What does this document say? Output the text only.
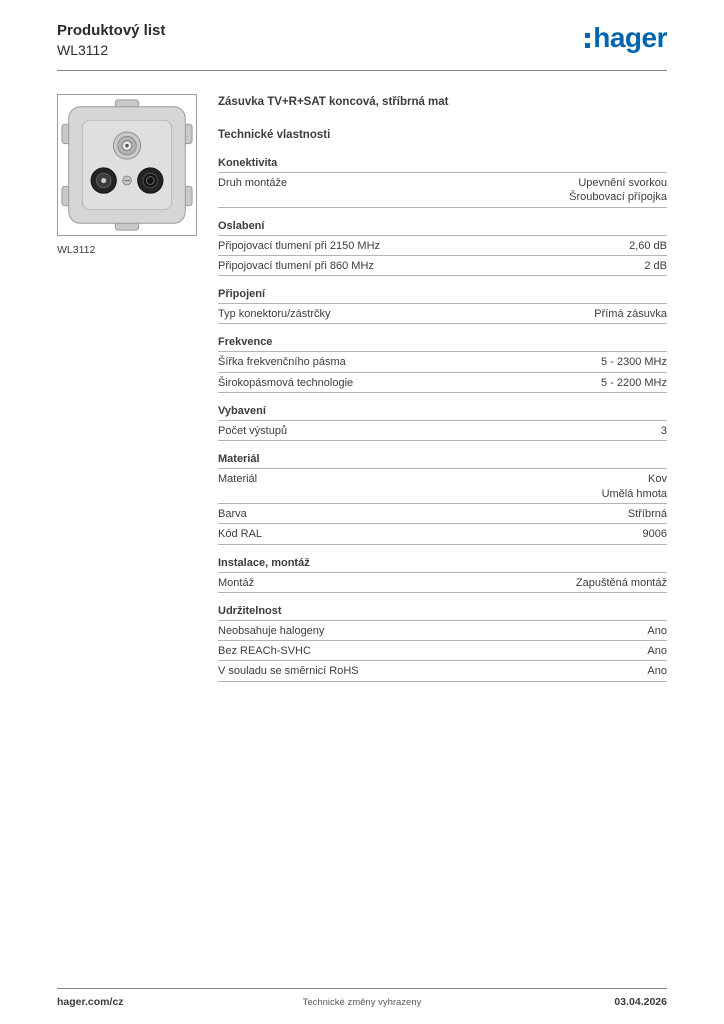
Produktový list
WL3112	hager
WL3112
Zásuvka TV+R+SAT koncová, stříbrná mat
Technické vlastnosti
Konektivita
Druh montáže	Upevnění svorkou
Šroubovací přípojka
Oslabení
Připojovací tlumení při 2150 MHz	2,60 dB
Připojovací tlumení při 860 MHz	2 dB
Připojení
Typ konektoru/zástrčky	Přímá zásuvka
Frekvence
Šířka frekvenčního pásma	5 - 2300 MHz
Širokopásmová technologie	5 - 2200 MHz
Vybavení
Počet výstupů	3
Materiál
Materiál	Kov
Umělá hmota
Barva	Stříbrná
Kód RAL	9006
Instalace, montáž
Montáž	Zapuštěná montáž
Udržitelnost
Neobsahuje halogeny	Ano
Bez REACh-SVHC	Ano
V souladu se směrnicí RoHS	Ano
hager.com/cz	Technické změny vyhrazeny	03.04.2026
